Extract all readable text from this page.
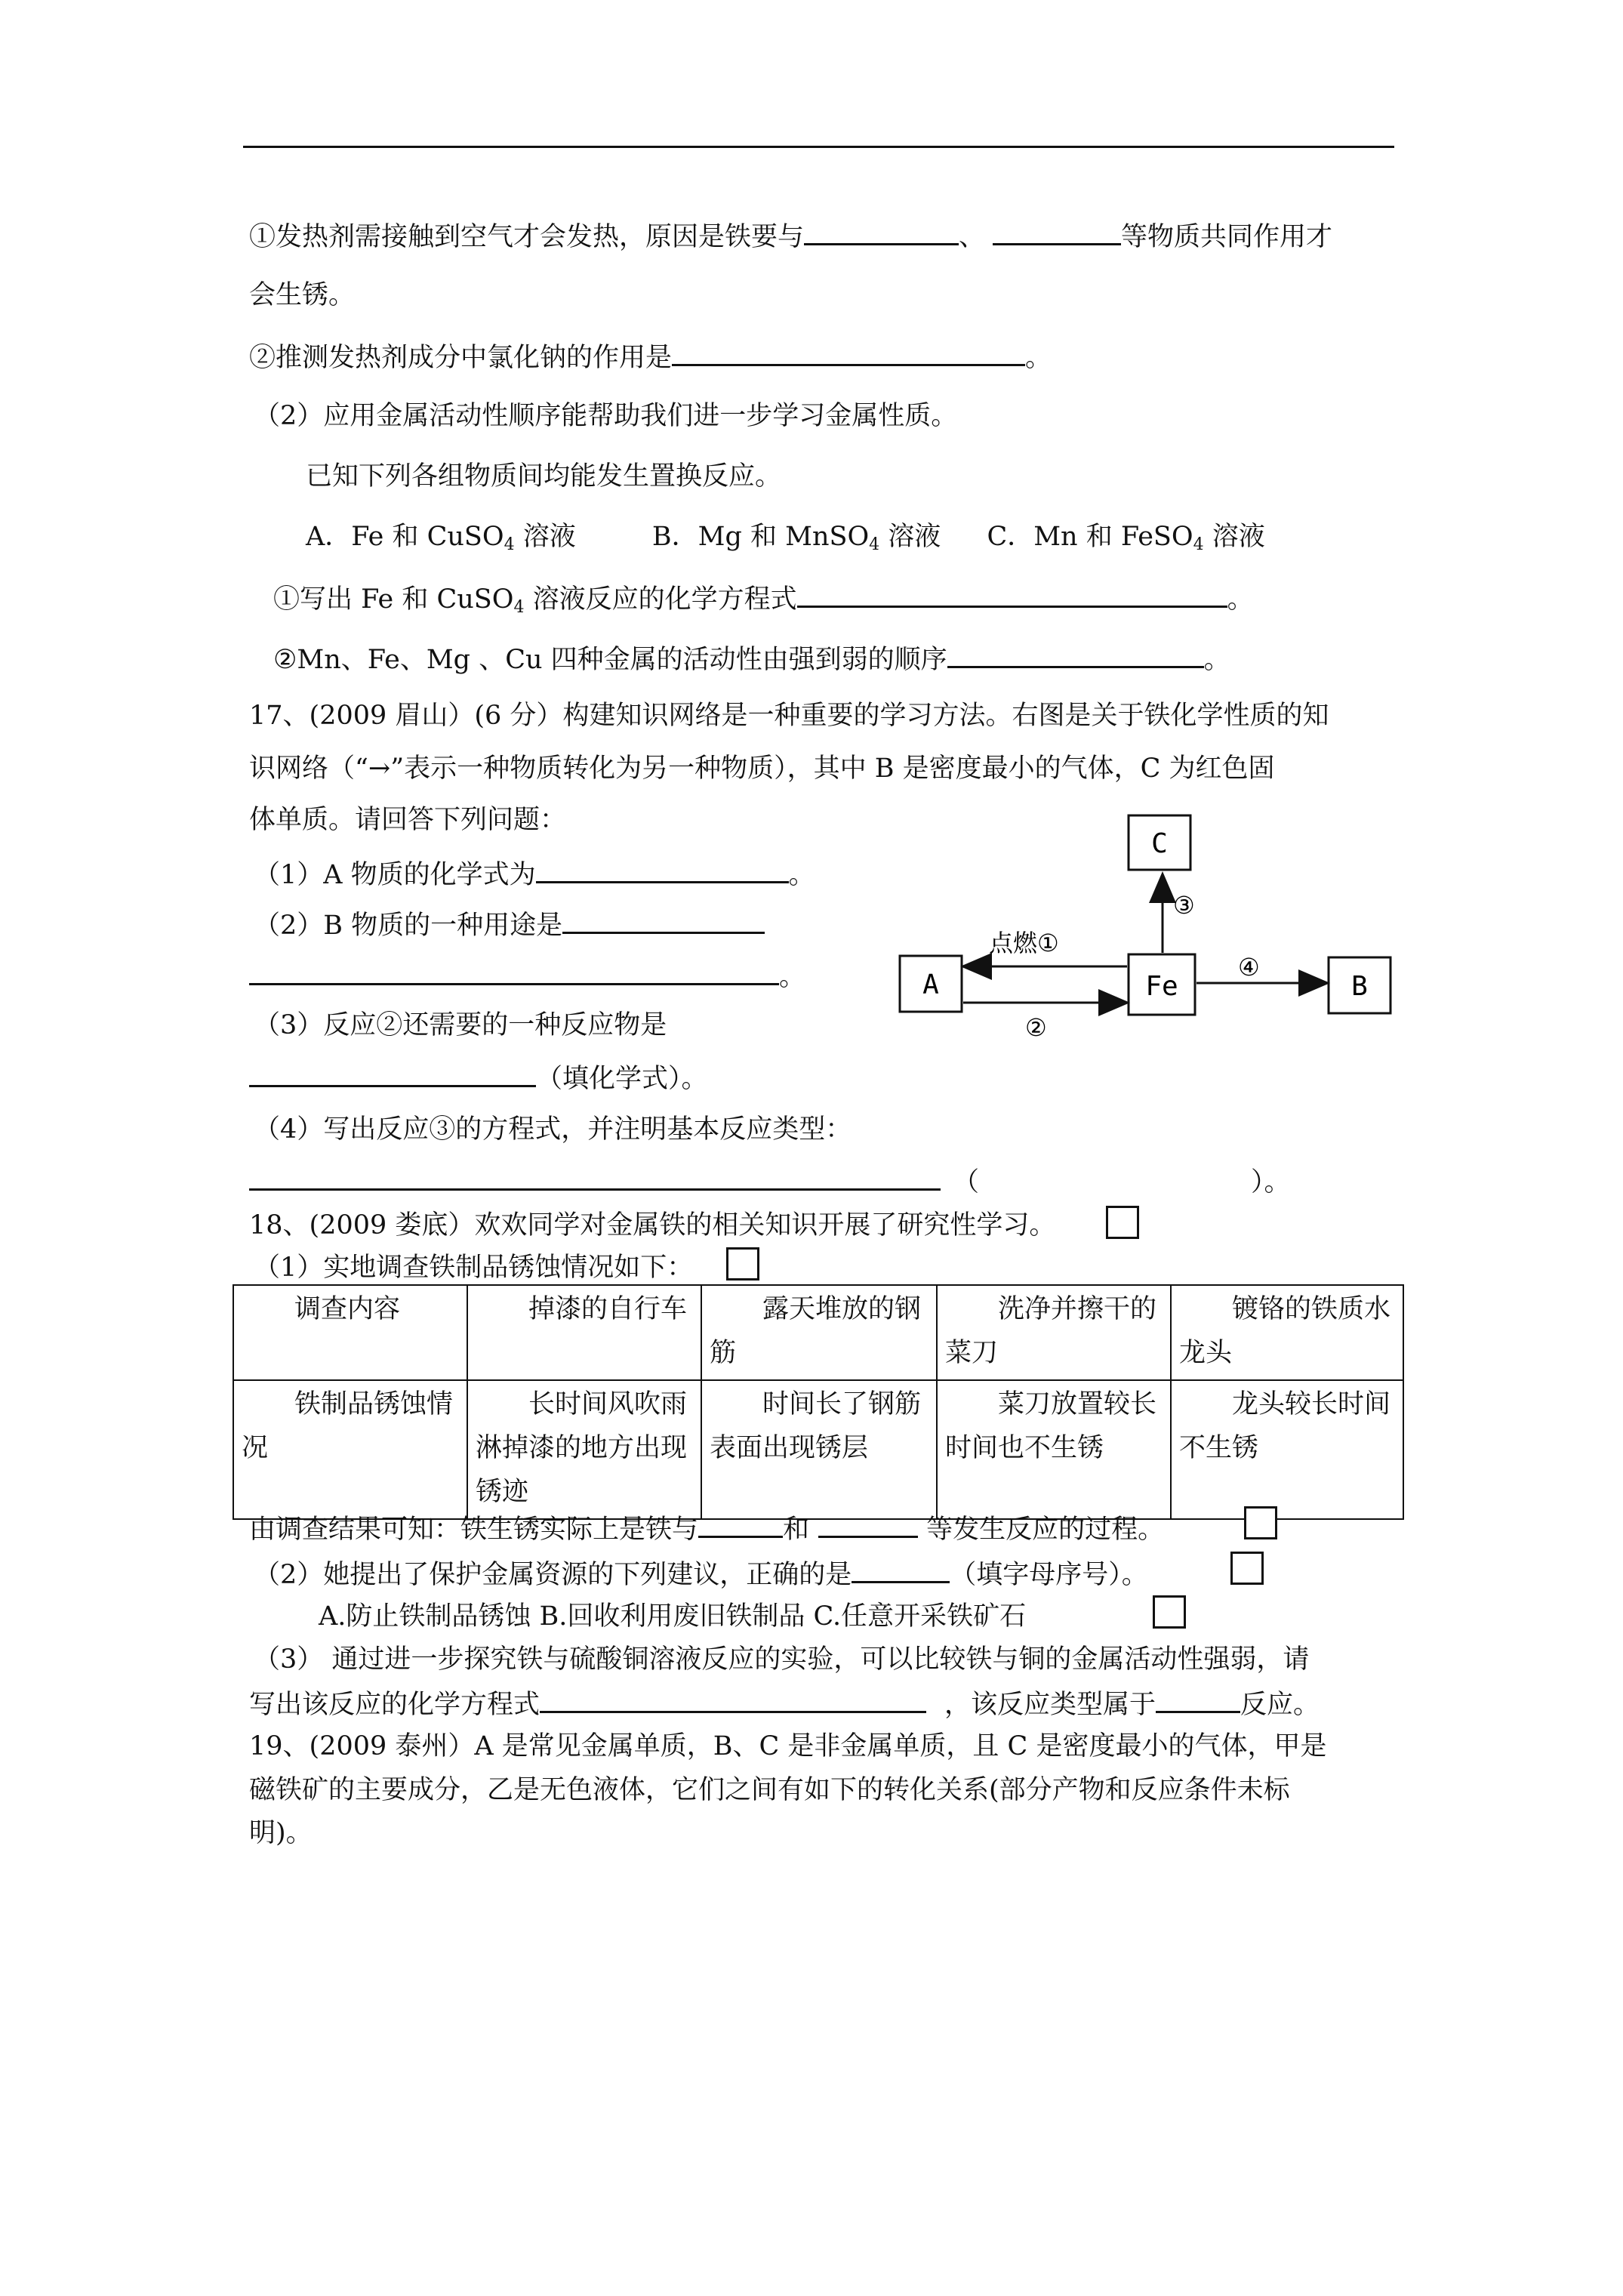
①发热剂需接触到空气才会发热，原因是铁要与	、	等物质共同作用才
会生锈。
②推测发热剂成分中氯化钠的作用是	。
（2）应用金属活动性顺序能帮助我们进一步学习金属性质。
已知下列各组物质间均能发生置换反应。
A．Fe 和 CuSO$_4$ 溶液	B．Mg 和 MnSO$_4$ 溶液 C．Mn 和 FeSO$_4$ 溶液
①写出 Fe 和 CuSO$_4$ 溶液反应的化学方程式	。
②Mn、Fe、Mg 、Cu 四种金属的活动性由强到弱的顺序	。
17、(2009 眉山）(6 分）构建知识网络是一种重要的学习方法。右图是关于铁化学性质的知
识网络（“→”表示一种物质转化为另一种物质），其中 B 是密度最小的气体，C 为红色固
体单质。请回答下列问题：
（1）A 物质的化学式为	。
（2）B 物质的一种用途是
。
（3）反应②还需要的一种反应物是
（填化学式）。
（4）写出反应③的方程式，并注明基本反应类型：
（	）。
C
A	Fe	B
点燃①
②
③
④
18、(2009 娄底）欢欢同学对金属铁的相关知识开展了研究性学习。
（1）实地调查铁制品锈蚀情况如下：
调查内容	掉漆的自行车	露天堆放的钢筋	洗净并擦干的菜刀	镀铬的铁质水龙头
铁制品锈蚀情况	长时间风吹雨淋掉漆的地方出现锈迹	时间长了钢筋表面出现锈层	菜刀放置较长时间也不生锈	龙头较长时间不生锈
由调查结果可知：铁生锈实际上是铁与	和	等发生反应的过程。
（2）她提出了保护金属资源的下列建议，正确的是	（填字母序号）。
A.防止铁制品锈蚀 B.回收利用废旧铁制品 C.任意开采铁矿石
（3） 通过进一步探究铁与硫酸铜溶液反应的实验，可以比较铁与铜的金属活动性强弱，请
写出该反应的化学方程式	，该反应类型属于	反应。
19、(2009 泰州）A 是常见金属单质，B、C 是非金属单质，且 C 是密度最小的气体，甲是
磁铁矿的主要成分，乙是无色液体，它们之间有如下的转化关系(部分产物和反应条件未标
明)。
